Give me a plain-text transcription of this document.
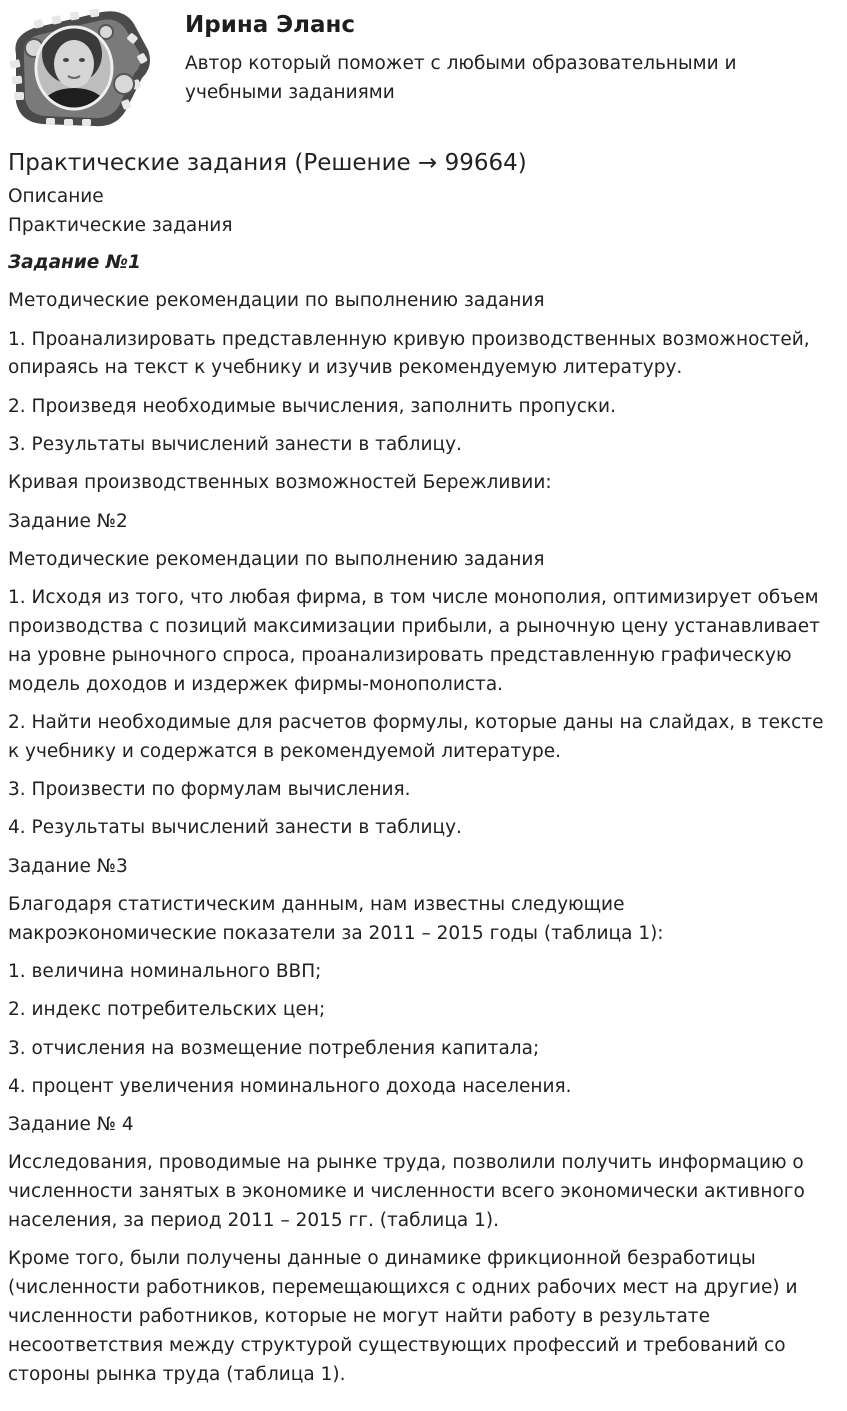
Ирина Эланс

Автор который поможет с любыми образовательными и учебными заданиями

Практические задания (Решение → 99664)

Описание

Практические задания

Задание №1

Методические рекомендации по выполнению задания

1. Проанализировать представленную кривую производственных возможностей, опираясь на текст к учебнику и изучив рекомендуемую литературу.

2. Произведя необходимые вычисления, заполнить пропуски.

3. Результаты вычислений занести в таблицу.

Кривая производственных возможностей Бережливии:

Задание №2

Методические рекомендации по выполнению задания

1. Исходя из того, что любая фирма, в том числе монополия, оптимизирует объем производства с позиций максимизации прибыли, а рыночную цену устанавливает на уровне рыночного спроса, проанализировать представленную графическую модель доходов и издержек фирмы-монополиста.

2. Найти необходимые для расчетов формулы, которые даны на слайдах, в тексте к учебнику и содержатся в рекомендуемой литературе.

3. Произвести по формулам вычисления.

4. Результаты вычислений занести в таблицу.

Задание №3

Благодаря статистическим данным, нам известны следующие макроэкономические показатели за 2011 – 2015 годы (таблица 1):

1. величина номинального ВВП;

2. индекс потребительских цен;

3. отчисления на возмещение потребления капитала;

4. процент увеличения номинального дохода населения.

Задание № 4

Исследования, проводимые на рынке труда, позволили получить информацию о численности занятых в экономике и численности всего экономически активного населения, за период 2011 – 2015 гг. (таблица 1).

Кроме того, были получены данные о динамике фрикционной безработицы (численности работников, перемещающихся с одних рабочих мест на другие) и численности работников, которые не могут найти работу в результате несоответствия между структурой существующих профессий и требований со стороны рынка труда (таблица 1).
